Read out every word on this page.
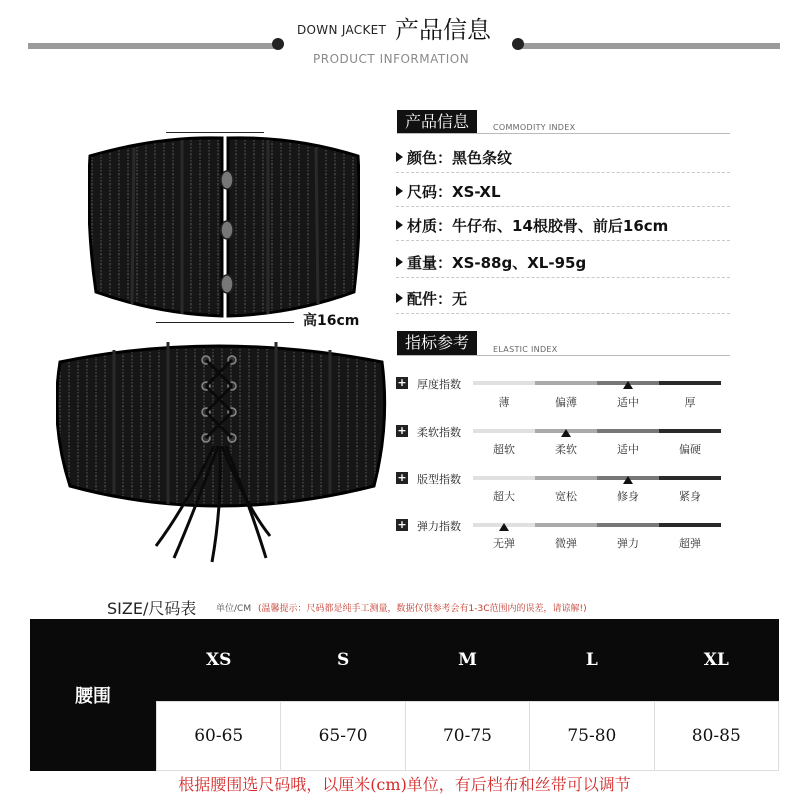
DOWN JACKET 产品信息
PRODUCT INFORMATION
高16cm
产品信息	COMMODITY INDEX
颜色：黑色条纹
尺码：XS-XL
材质：牛仔布、14根胶骨、前后16cm
重量：XS-88g、XL-95g
配件：无
指标参考	ELASTIC INDEX
+ 厚度指数
薄	偏薄	适中	厚
+ 柔软指数
超软	柔软	适中	偏硬
+ 版型指数
超大	宽松	修身	紧身
+ 弹力指数
无弹	微弹	弹力	超弹
SIZE/尺码表 单位/CM (温馨提示：尺码都是纯手工测量，数据仅供参考会有1-3C范围内的误差，请谅解!)
腰围	XS	S	M	L	XL
	60-65	65-70	70-75	75-80	80-85
根据腰围选尺码哦，以厘米(cm)单位，有后档布和丝带可以调节
